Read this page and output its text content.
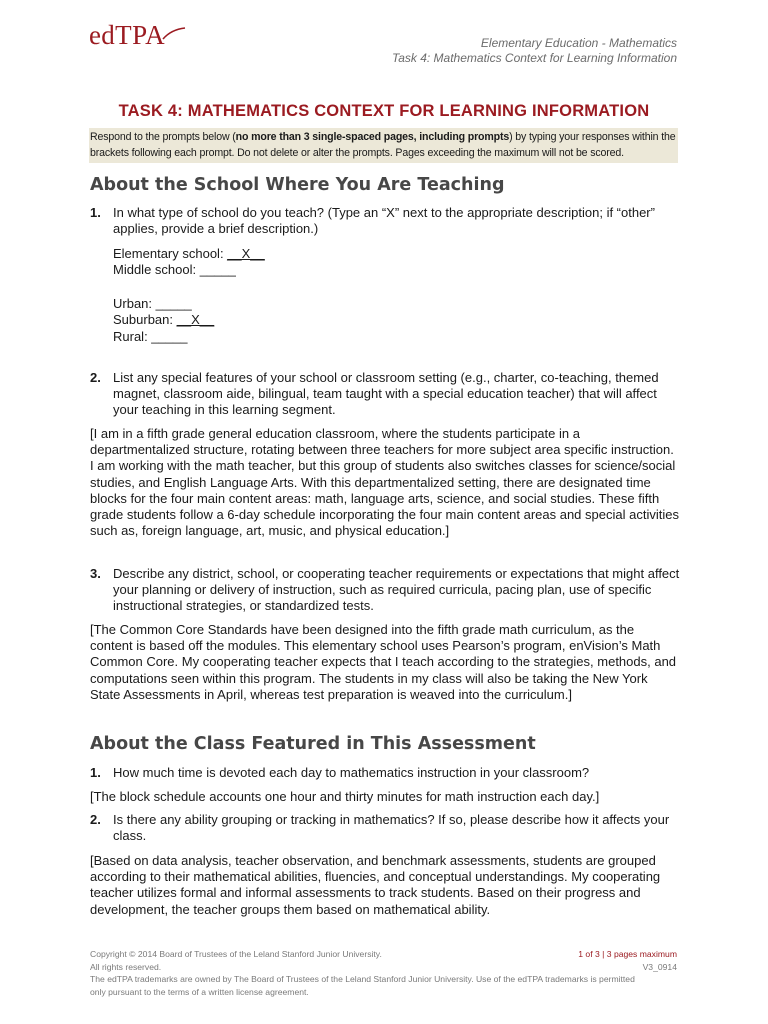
edTPA	Elementary Education - Mathematics
Task 4: Mathematics Context for Learning Information
TASK 4: MATHEMATICS CONTEXT FOR LEARNING INFORMATION
Respond to the prompts below (no more than 3 single-spaced pages, including prompts) by typing your responses within the brackets following each prompt. Do not delete or alter the prompts. Pages exceeding the maximum will not be scored.
About the School Where You Are Teaching
1. In what type of school do you teach? (Type an “X” next to the appropriate description; if “other” applies, provide a brief description.)
Elementary school: __X__
Middle school: _____
Urban: _____
Suburban: __X__
Rural: _____
2. List any special features of your school or classroom setting (e.g., charter, co-teaching, themed magnet, classroom aide, bilingual, team taught with a special education teacher) that will affect your teaching in this learning segment.
[I am in a fifth grade general education classroom, where the students participate in a departmentalized structure, rotating between three teachers for more subject area specific instruction. I am working with the math teacher, but this group of students also switches classes for science/social studies, and English Language Arts. With this departmentalized setting, there are designated time blocks for the four main content areas: math, language arts, science, and social studies. These fifth grade students follow a 6-day schedule incorporating the four main content areas and special activities such as, foreign language, art, music, and physical education.]
3. Describe any district, school, or cooperating teacher requirements or expectations that might affect your planning or delivery of instruction, such as required curricula, pacing plan, use of specific instructional strategies, or standardized tests.
[The Common Core Standards have been designed into the fifth grade math curriculum, as the content is based off the modules. This elementary school uses Pearson’s program, enVision’s Math Common Core. My cooperating teacher expects that I teach according to the strategies, methods, and computations seen within this program. The students in my class will also be taking the New York State Assessments in April, whereas test preparation is weaved into the curriculum.]
About the Class Featured in This Assessment
1. How much time is devoted each day to mathematics instruction in your classroom?
[The block schedule accounts one hour and thirty minutes for math instruction each day.]
2. Is there any ability grouping or tracking in mathematics? If so, please describe how it affects your class.
[Based on data analysis, teacher observation, and benchmark assessments, students are grouped according to their mathematical abilities, fluencies, and conceptual understandings. My cooperating teacher utilizes formal and informal assessments to track students. Based on their progress and development, the teacher groups them based on mathematical ability.
Copyright © 2014 Board of Trustees of the Leland Stanford Junior University.
All rights reserved.
The edTPA trademarks are owned by The Board of Trustees of the Leland Stanford Junior University. Use of the edTPA trademarks is permitted only pursuant to the terms of a written license agreement.
1 of 3 | 3 pages maximum
V3_0914
